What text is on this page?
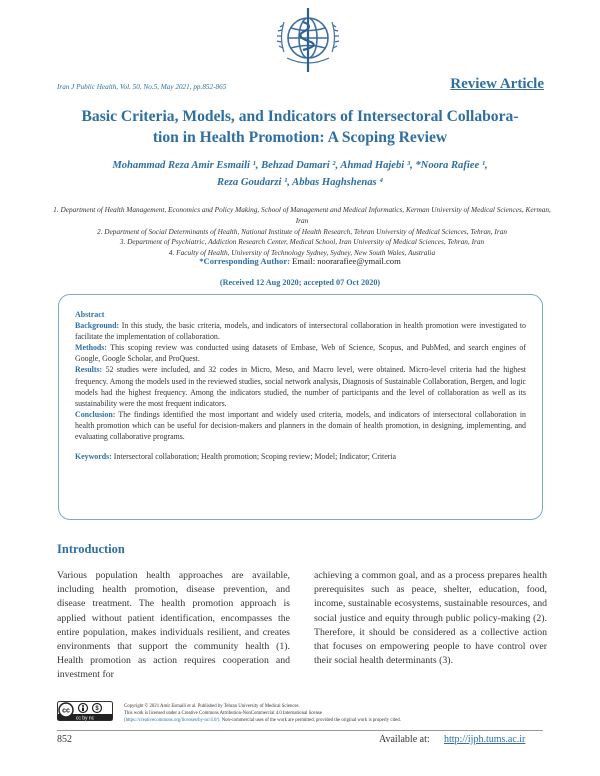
Iran J Public Health, Vol. 50, No.5, May 2021, pp.852-865	Review Article
Basic Criteria, Models, and Indicators of Intersectoral Collabora-
tion in Health Promotion: A Scoping Review
Mohammad Reza Amir Esmaili ¹, Behzad Damari ², Ahmad Hajebi ³, *Noora Rafiee ¹,
Reza Goudarzi ¹, Abbas Haghshenas ⁴
1. Department of Health Management, Economics and Policy Making, School of Management and Medical Informatics, Kerman University of Medical Sciences, Kerman, Iran
2. Department of Social Determinants of Health, National Institute of Health Research, Tehran University of Medical Sciences, Tehran, Iran
3. Department of Psychiatric, Addiction Research Center, Medical School, Iran University of Medical Sciences, Tehran, Iran
4. Faculty of Health, University of Technology Sydney, Sydney, New South Wales, Australia
*Corresponding Author: Email: noorarafiee@ymail.com
(Received 12 Aug 2020; accepted 07 Oct 2020)
Abstract

Background: In this study, the basic criteria, models, and indicators of intersectoral collaboration in health promotion were investigated to facilitate the implementation of collaboration.

Methods: This scoping review was conducted using datasets of Embase, Web of Science, Scopus, and PubMed, and search engines of Google, Google Scholar, and ProQuest.

Results: 52 studies were included, and 32 codes in Micro, Meso, and Macro level, were obtained. Micro-level criteria had the highest frequency. Among the models used in the reviewed studies, social network analysis, Diagnosis of Sustainable Collaboration, Bergen, and logic models had the highest frequency. Among the indicators studied, the number of participants and the level of collaboration as well as its sustainability were the most frequent indicators.

Conclusion: The findings identified the most important and widely used criteria, models, and indicators of intersectoral collaboration in health promotion which can be useful for decision-makers and planners in the domain of health promotion, in designing, implementing, and evaluating collaborative programs.

Keywords: Intersectoral collaboration; Health promotion; Scoping review; Model; Indicator; Criteria

Introduction
Various population health approaches are available, including health promotion, disease prevention, and disease treatment. The health promotion approach is applied without patient identification, encompasses the entire population, makes individuals resilient, and creates environments that support the community health (1). Health promotion as action requires cooperation and investment for
achieving a common goal, and as a process prepares health prerequisites such as peace, shelter, education, food, income, sustainable ecosystems, sustainable resources, and social justice and equity through public policy-making (2). Therefore, it should be considered as a collective action that focuses on empowering people to have control over their social health determinants (3).
cc	$
cc by nc
Copyright © 2021 Amir Esmaili et al. Published by Tehran University of Medical Sciences.
This work is licensed under a Creative Commons Attribution-NonCommercial 4.0 International license
(https://creativecommons.org/licenses/by-nc/4.0/). Non-commercial uses of the work are permitted, provided the original work is properly cited.
852	Available at: http://ijph.tums.ac.ir
